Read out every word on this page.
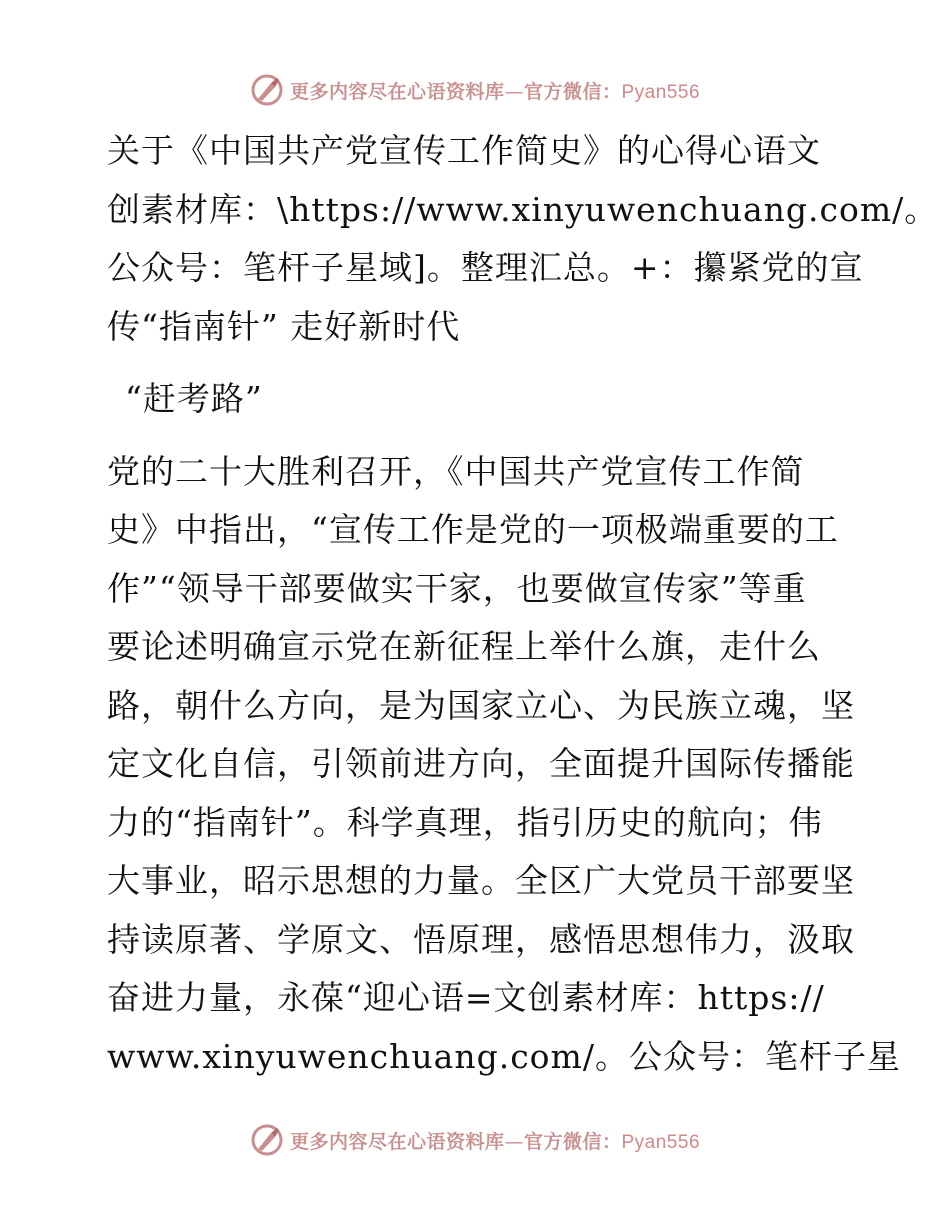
更多内容尽在心语资料库—官方微信：Pyan556

关于《中国共产党宣传工作简史》的心得心语文
创素材库：\https://www.xinyuwenchuang.com/。
公众号：笔杆子星域]。整理汇总。+：攥紧党的宣
传“指南针” 走好新时代

“赶考路”

党的二十大胜利召开，《中国共产党宣传工作简
史》中指出，“宣传工作是党的一项极端重要的工
作”“领导干部要做实干家，也要做宣传家”等重
要论述明确宣示党在新征程上举什么旗，走什么
路，朝什么方向，是为国家立心、为民族立魂，坚
定文化自信，引领前进方向，全面提升国际传播能
力的“指南针”。科学真理，指引历史的航向；伟
大事业，昭示思想的力量。全区广大党员干部要坚
持读原著、学原文、悟原理，感悟思想伟力，汲取
奋进力量，永葆“迎心语=文创素材库：https://
www.xinyuwenchuang.com/。公众号：笔杆子星

更多内容尽在心语资料库—官方微信：Pyan556
